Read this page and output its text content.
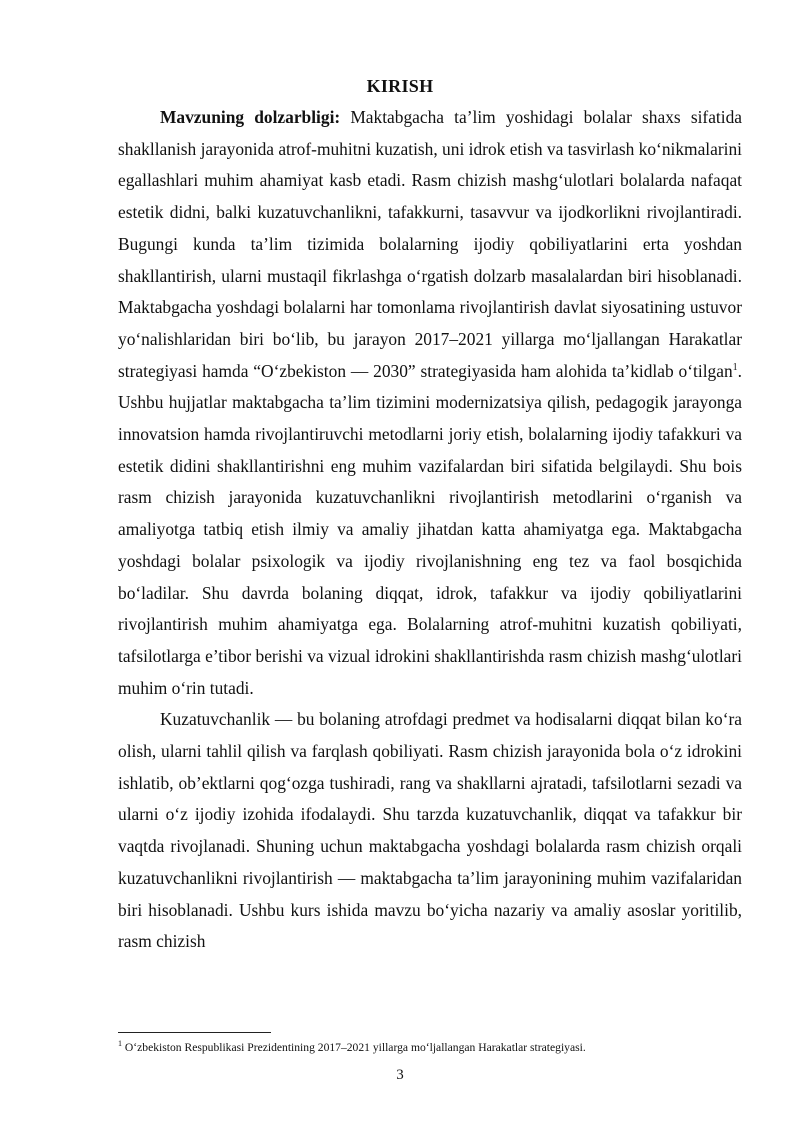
KIRISH

Mavzuning dolzarbligi: Maktabgacha ta’lim yoshidagi bolalar shaxs sifatida shakllanish jarayonida atrof-muhitni kuzatish, uni idrok etish va tasvirlash ko‘nikmalarini egallashlari muhim ahamiyat kasb etadi. Rasm chizish mashg‘ulotlari bolalarda nafaqat estetik didni, balki kuzatuvchanlikni, tafakkurni, tasavvur va ijodkorlikni rivojlantiradi. Bugungi kunda ta’lim tizimida bolalarning ijodiy qobiliyatlarini erta yoshdan shakllantirish, ularni mustaqil fikrlashga o‘rgatish dolzarb masalalardan biri hisoblanadi. Maktabgacha yoshdagi bolalarni har tomonlama rivojlantirish davlat siyosatining ustuvor yo‘nalishlaridan biri bo‘lib, bu jarayon 2017–2021 yillarga mo‘ljallangan Harakatlar strategiyasi hamda “O‘zbekiston — 2030” strategiyasida ham alohida ta’kidlab o‘tilgan$^1$. Ushbu hujjatlar maktabgacha ta’lim tizimini modernizatsiya qilish, pedagogik jarayonga innovatsion hamda rivojlantiruvchi metodlarni joriy etish, bolalarning ijodiy tafakkuri va estetik didini shakllantirishni eng muhim vazifalardan biri sifatida belgilaydi. Shu bois rasm chizish jarayonida kuzatuvchanlikni rivojlantirish metodlarini o‘rganish va amaliyotga tatbiq etish ilmiy va amaliy jihatdan katta ahamiyatga ega. Maktabgacha yoshdagi bolalar psixologik va ijodiy rivojlanishning eng tez va faol bosqichida bo‘ladilar. Shu davrda bolaning diqqat, idrok, tafakkur va ijodiy qobiliyatlarini rivojlantirish muhim ahamiyatga ega. Bolalarning atrof-muhitni kuzatish qobiliyati, tafsilotlarga e’tibor berishi va vizual idrokini shakllantirishda rasm chizish mashg‘ulotlari muhim o‘rin tutadi.

Kuzatuvchanlik — bu bolaning atrofdagi predmet va hodisalarni diqqat bilan ko‘ra olish, ularni tahlil qilish va farqlash qobiliyati. Rasm chizish jarayonida bola o‘z idrokini ishlatib, ob’ektlarni qog‘ozga tushiradi, rang va shakllarni ajratadi, tafsilotlarni sezadi va ularni o‘z ijodiy izohida ifodalaydi. Shu tarzda kuzatuvchanlik, diqqat va tafakkur bir vaqtda rivojlanadi. Shuning uchun maktabgacha yoshdagi bolalarda rasm chizish orqali kuzatuvchanlikni rivojlantirish — maktabgacha ta’lim jarayonining muhim vazifalaridan biri hisoblanadi. Ushbu kurs ishida mavzu bo‘yicha nazariy va amaliy asoslar yoritilib, rasm chizish

$^1$ O‘zbekiston Respublikasi Prezidentining 2017–2021 yillarga mo‘ljallangan Harakatlar strategiyasi.
3
